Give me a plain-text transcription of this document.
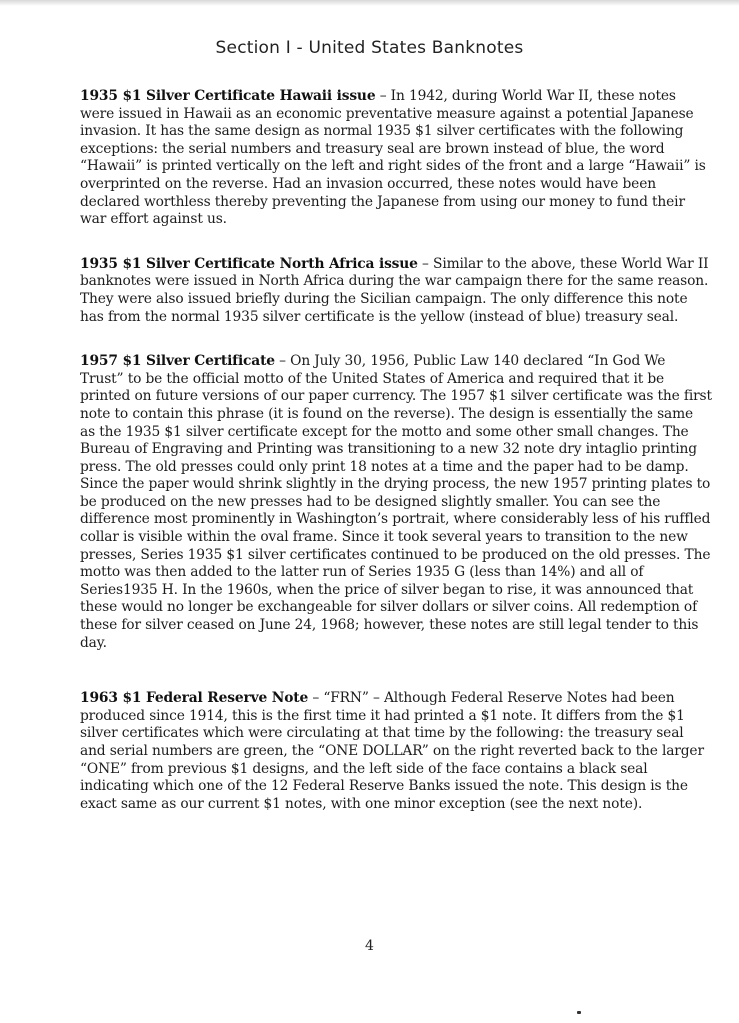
Section I - United States Banknotes

1935 $1 Silver Certificate Hawaii issue – In 1942, during World War II, these notes were issued in Hawaii as an economic preventative measure against a potential Japanese invasion. It has the same design as normal 1935 $1 silver certificates with the following exceptions: the serial numbers and treasury seal are brown instead of blue, the word “Hawaii” is printed vertically on the left and right sides of the front and a large “Hawaii” is overprinted on the reverse. Had an invasion occurred, these notes would have been declared worthless thereby preventing the Japanese from using our money to fund their war effort against us.

1935 $1 Silver Certificate North Africa issue – Similar to the above, these World War II banknotes were issued in North Africa during the war campaign there for the same reason. They were also issued briefly during the Sicilian campaign. The only difference this note has from the normal 1935 silver certificate is the yellow (instead of blue) treasury seal.

1957 $1 Silver Certificate – On July 30, 1956, Public Law 140 declared “In God We Trust” to be the official motto of the United States of America and required that it be printed on future versions of our paper currency. The 1957 $1 silver certificate was the first note to contain this phrase (it is found on the reverse). The design is essentially the same as the 1935 $1 silver certificate except for the motto and some other small changes. The Bureau of Engraving and Printing was transitioning to a new 32 note dry intaglio printing press. The old presses could only print 18 notes at a time and the paper had to be damp. Since the paper would shrink slightly in the drying process, the new 1957 printing plates to be produced on the new presses had to be designed slightly smaller. You can see the difference most prominently in Washington’s portrait, where considerably less of his ruffled collar is visible within the oval frame. Since it took several years to transition to the new presses, Series 1935 $1 silver certificates continued to be produced on the old presses. The motto was then added to the latter run of Series 1935 G (less than 14%) and all of Series1935 H. In the 1960s, when the price of silver began to rise, it was announced that these would no longer be exchangeable for silver dollars or silver coins. All redemption of these for silver ceased on June 24, 1968; however, these notes are still legal tender to this day.

1963 $1 Federal Reserve Note – “FRN” – Although Federal Reserve Notes had been produced since 1914, this is the first time it had printed a $1 note. It differs from the $1 silver certificates which were circulating at that time by the following: the treasury seal and serial numbers are green, the “ONE DOLLAR” on the right reverted back to the larger “ONE” from previous $1 designs, and the left side of the face contains a black seal indicating which one of the 12 Federal Reserve Banks issued the note. This design is the exact same as our current $1 notes, with one minor exception (see the next note).

4
